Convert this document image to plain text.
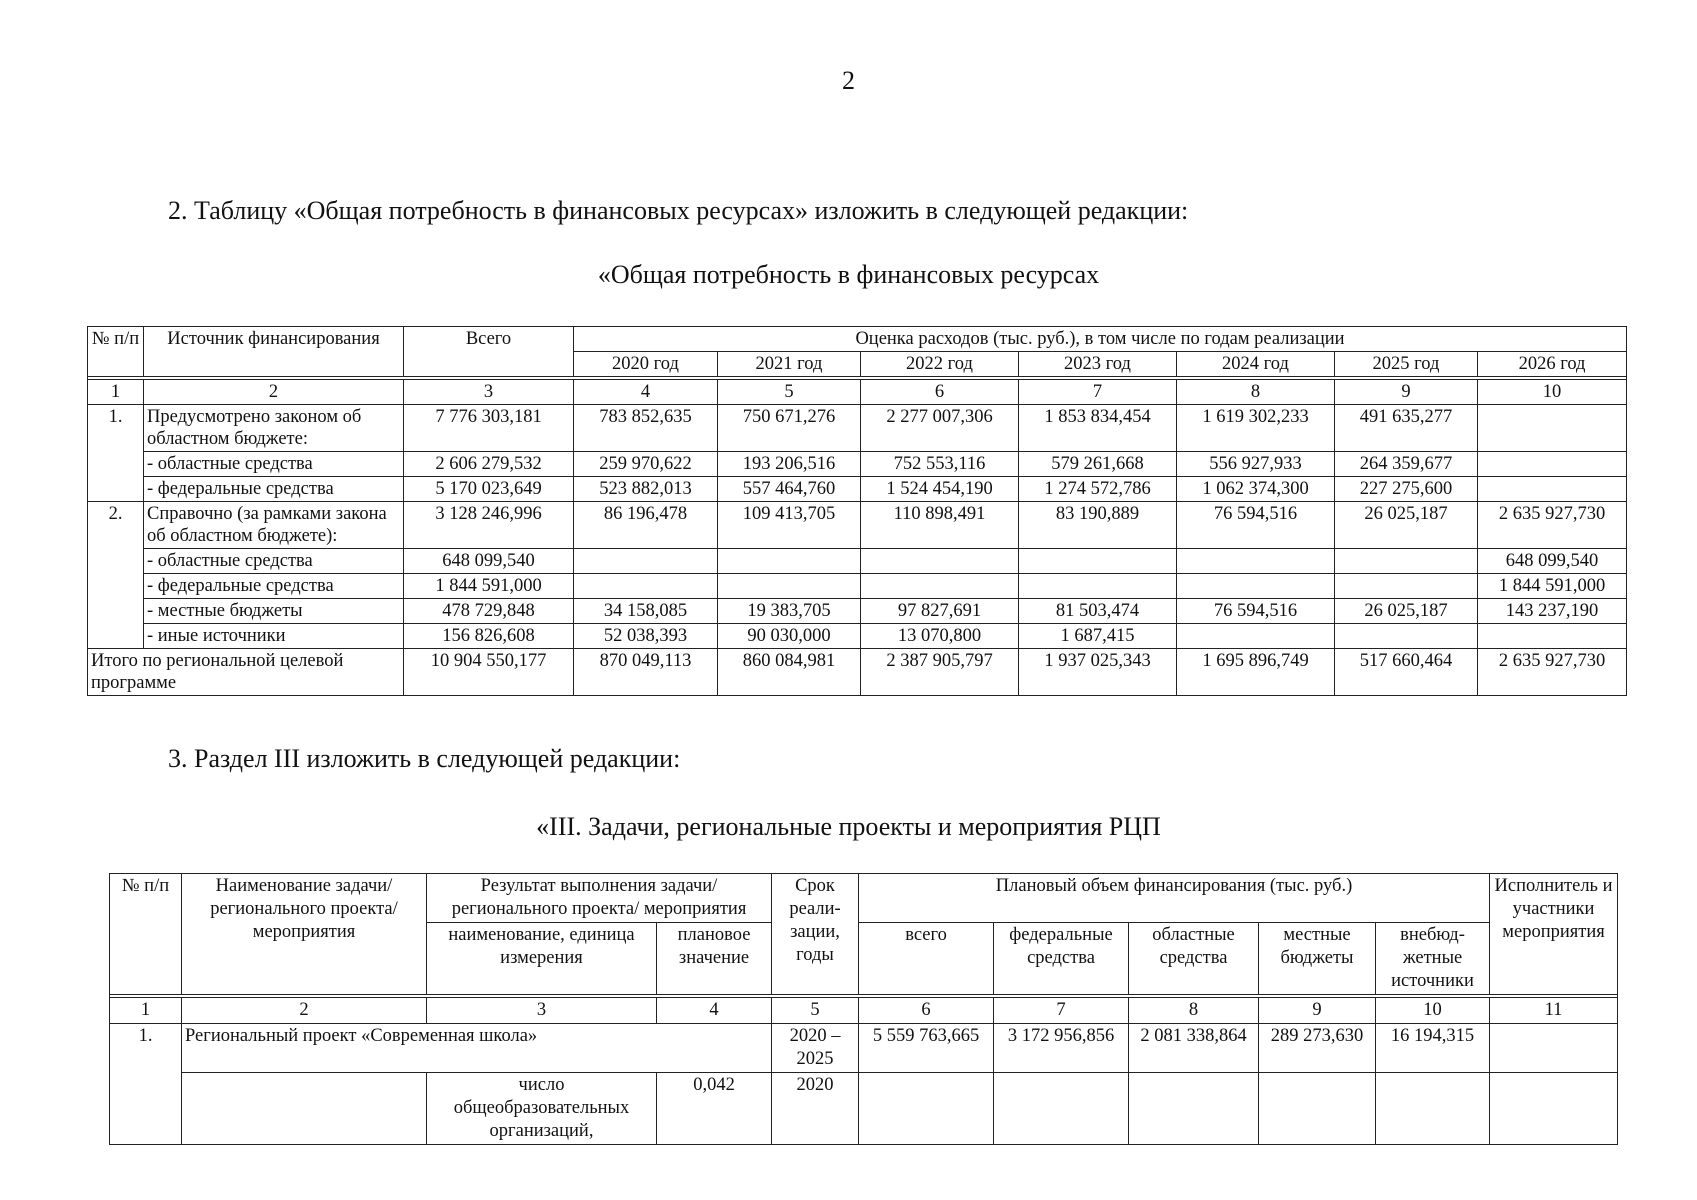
2
2. Таблицу «Общая потребность в финансовых ресурсах» изложить в следующей редакции:
«Общая потребность в финансовых ресурсах
№ п/п	Источник финансирования	Всего	Оценка расходов (тыс. руб.), в том числе по годам реализации						
			2020 год	2021 год	2022 год	2023 год	2024 год	2025 год	2026 год

1	2	3	4	5	6	7	8	9	10
1.	Предусмотрено законом об областном бюджете:	7 776 303,181	783 852,635	750 671,276	2 277 007,306	1 853 834,454	1 619 302,233	491 635,277	
	- областные средства	2 606 279,532	259 970,622	193 206,516	752 553,116	579 261,668	556 927,933	264 359,677	
	- федеральные средства	5 170 023,649	523 882,013	557 464,760	1 524 454,190	1 274 572,786	1 062 374,300	227 275,600	
2.	Справочно (за рамками закона об областном бюджете):	3 128 246,996	86 196,478	109 413,705	110 898,491	83 190,889	76 594,516	26 025,187	2 635 927,730
	- областные средства	648 099,540							648 099,540
	- федеральные средства	1 844 591,000							1 844 591,000
	- местные бюджеты	478 729,848	34 158,085	19 383,705	97 827,691	81 503,474	76 594,516	26 025,187	143 237,190
	- иные источники	156 826,608	52 038,393	90 030,000	13 070,800	1 687,415			
Итого по региональной целевой программе		10 904 550,177	870 049,113	860 084,981	2 387 905,797	1 937 025,343	1 695 896,749	517 660,464	2 635 927,730
3. Раздел III изложить в следующей редакции:
«III. Задачи, региональные проекты и мероприятия РЦП
№ п/п	Наименование задачи/ регионального проекта/ мероприятия	Результат выполнения задачи/ регионального проекта/ мероприятия		Срок реали-зации, годы	Плановый объем финансирования (тыс. руб.)					Исполнитель и участники мероприятия
		наименование, единица измерения	плановое значение		всего	федеральные средства	областные средства	местные бюджеты	внебюд-жетные источники	

1	2	3	4	5	6	7	8	9	10	11
1.	Региональный проект «Современная школа»			2020 – 2025	5 559 763,665	3 172 956,856	2 081 338,864	289 273,630	16 194,315	
		число общеобразовательных организаций,	0,042	2020						
